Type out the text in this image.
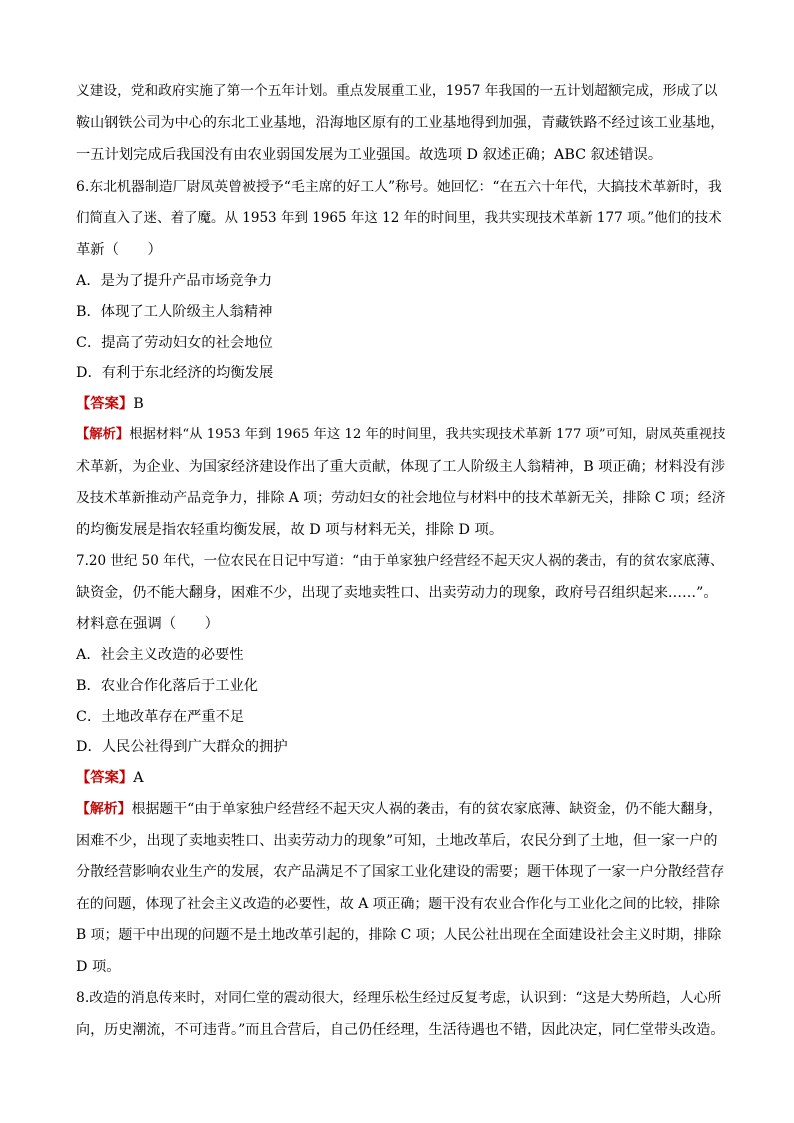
义建设，党和政府实施了第一个五年计划。重点发展重工业，1957 年我国的一五计划超额完成，形成了以
鞍山钢铁公司为中心的东北工业基地，沿海地区原有的工业基地得到加强，青藏铁路不经过该工业基地，
一五计划完成后我国没有由农业弱国发展为工业强国。故选项 D 叙述正确；ABC 叙述错误。
6.东北机器制造厂尉凤英曾被授予“毛主席的好工人”称号。她回忆：“在五六十年代，大搞技术革新时，我
们简直入了迷、着了魔。从 1953 年到 1965 年这 12 年的时间里，我共实现技术革新 177 项。”他们的技术
革新（　　）
A．是为了提升产品市场竞争力
B．体现了工人阶级主人翁精神
C．提高了劳动妇女的社会地位
D．有利于东北经济的均衡发展
【答案】B
【解析】根据材料“从 1953 年到 1965 年这 12 年的时间里，我共实现技术革新 177 项”可知，尉凤英重视技
术革新，为企业、为国家经济建设作出了重大贡献，体现了工人阶级主人翁精神，B 项正确；材料没有涉
及技术革新推动产品竞争力，排除 A 项；劳动妇女的社会地位与材料中的技术革新无关，排除 C 项；经济
的均衡发展是指农轻重均衡发展，故 D 项与材料无关，排除 D 项。
7.20 世纪 50 年代，一位农民在日记中写道：“由于单家独户经营经不起天灾人祸的袭击，有的贫农家底薄、
缺资金，仍不能大翻身，困难不少，出现了卖地卖牲口、出卖劳动力的现象，政府号召组织起来……”。
材料意在强调（　　）
A．社会主义改造的必要性
B．农业合作化落后于工业化
C．土地改革存在严重不足
D．人民公社得到广大群众的拥护
【答案】A
【解析】根据题干“由于单家独户经营经不起天灾人祸的袭击，有的贫农家底薄、缺资金，仍不能大翻身，
困难不少，出现了卖地卖牲口、出卖劳动力的现象”可知，土地改革后，农民分到了土地，但一家一户的
分散经营影响农业生产的发展，农产品满足不了国家工业化建设的需要；题干体现了一家一户分散经营存
在的问题，体现了社会主义改造的必要性，故 A 项正确；题干没有农业合作化与工业化之间的比较，排除
B 项；题干中出现的问题不是土地改革引起的，排除 C 项；人民公社出现在全面建设社会主义时期，排除
D 项。
8.改造的消息传来时，对同仁堂的震动很大，经理乐松生经过反复考虑，认识到：“这是大势所趋，人心所
向，历史潮流，不可违背。”而且合营后，自己仍任经理，生活待遇也不错，因此决定，同仁堂带头改造。
